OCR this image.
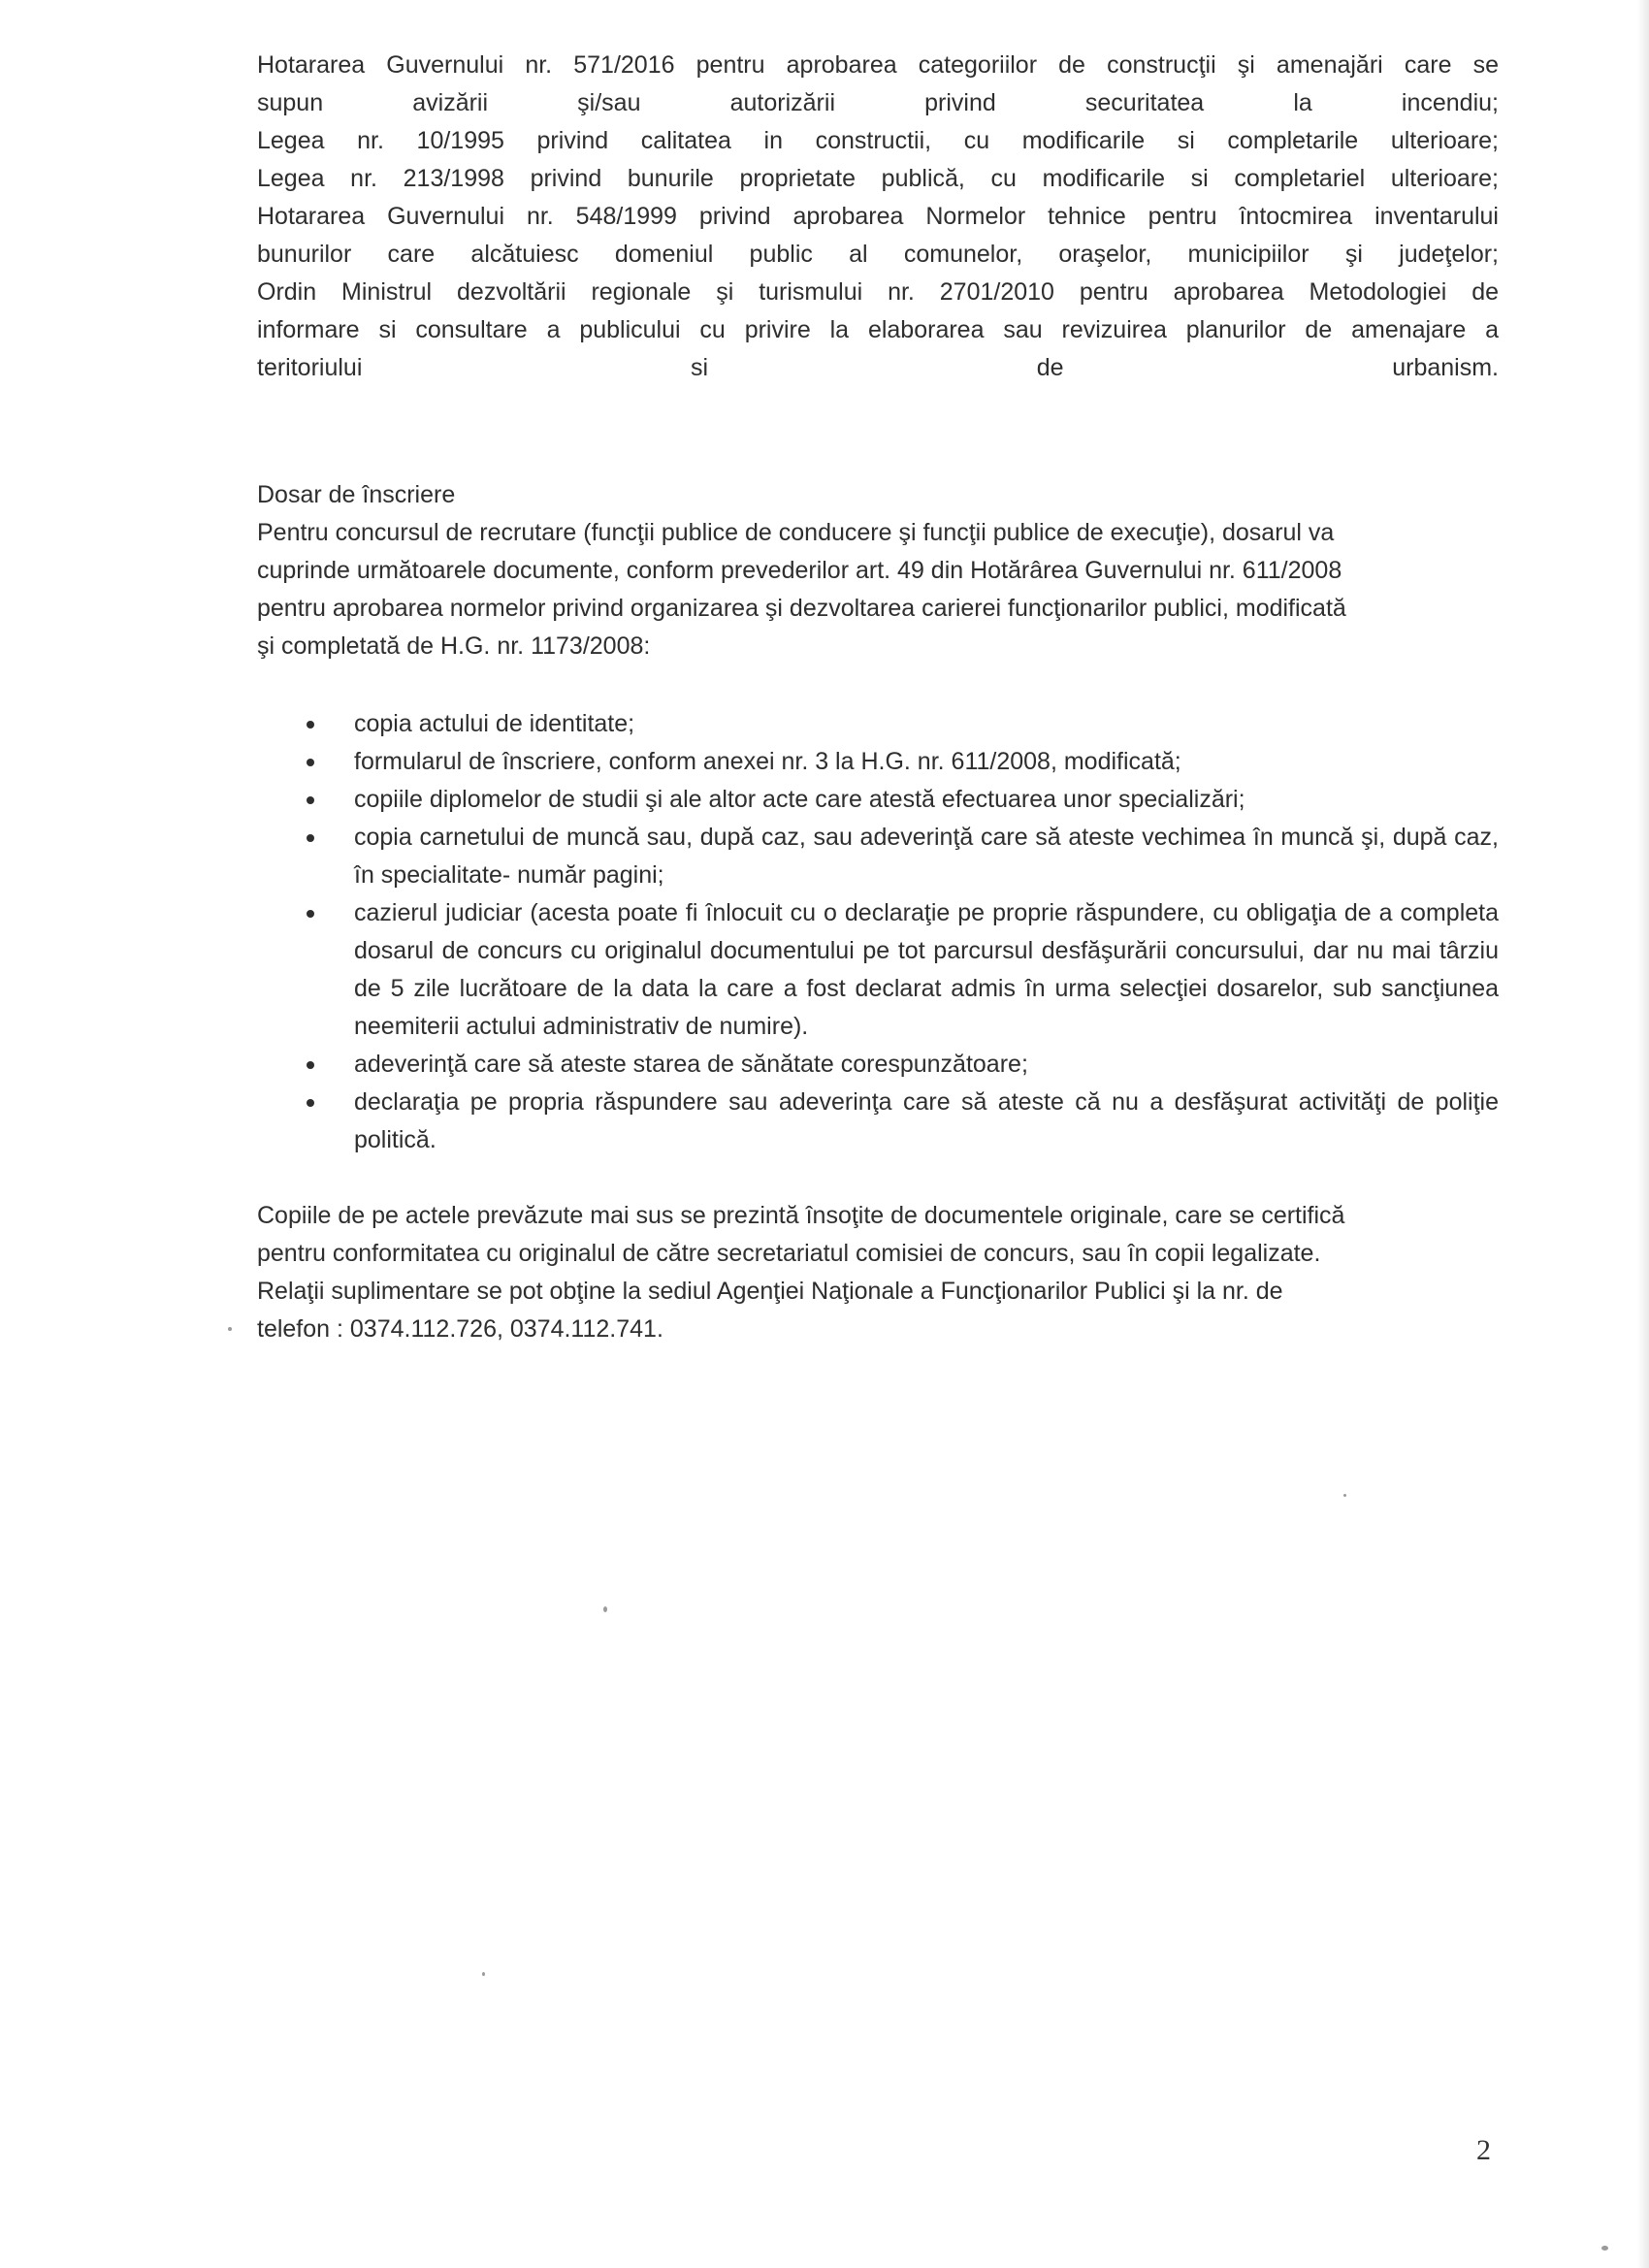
Hotararea Guvernului nr. 571/2016 pentru aprobarea categoriilor de construcţii şi amenajări care se

supun avizării şi/sau autorizării privind securitatea la incendiu;

Legea nr. 10/1995 privind calitatea in constructii, cu modificarile si completarile ulterioare;

Legea nr. 213/1998 privind bunurile proprietate publică, cu modificarile si completariel ulterioare;

Hotararea Guvernului nr. 548/1999 privind aprobarea Normelor tehnice pentru întocmirea inventarului

bunurilor care alcătuiesc domeniul public al comunelor, oraşelor, municipiilor şi judeţelor;

Ordin Ministrul dezvoltării regionale şi turismului nr. 2701/2010 pentru aprobarea Metodologiei de

informare si consultare a publicului cu privire la elaborarea sau revizuirea planurilor de amenajare a

teritoriului si de urbanism.

Dosar de înscriere

Pentru concursul de recrutare (funcţii publice de conducere şi funcţii publice de execuţie), dosarul va

cuprinde următoarele documente, conform prevederilor art. 49 din Hotărârea Guvernului nr. 611/2008

pentru aprobarea normelor privind organizarea şi dezvoltarea carierei funcţionarilor publici, modificată

şi completată de H.G. nr. 1173/2008:

copia actului de identitate;
formularul de înscriere, conform anexei nr. 3 la H.G. nr. 611/2008, modificată;
copiile diplomelor de studii şi ale altor acte care atestă efectuarea unor specializări;
copia carnetului de muncă sau, după caz, sau adeverinţă care să ateste vechimea în muncă şi, după caz, în specialitate- număr pagini;
cazierul judiciar (acesta poate fi înlocuit cu o declaraţie pe proprie răspundere, cu obligaţia de a completa dosarul de concurs cu originalul documentului pe tot parcursul desfăşurării concursului, dar nu mai târziu de 5 zile lucrătoare de la data la care a fost declarat admis în urma selecţiei dosarelor, sub sancţiunea neemiterii actului administrativ de numire).
adeverinţă care să ateste starea de sănătate corespunzătoare;
declaraţia pe propria răspundere sau adeverinţa care să ateste că nu a desfăşurat activităţi de poliţie politică.

Copiile de pe actele prevăzute mai sus se prezintă însoţite de documentele originale, care se certifică

pentru conformitatea cu originalul de către secretariatul comisiei de concurs, sau în copii legalizate.

Relaţii suplimentare se pot obţine la sediul Agenţiei Naţionale a Funcţionarilor Publici şi la nr. de

telefon : 0374.112.726, 0374.112.741.

2
